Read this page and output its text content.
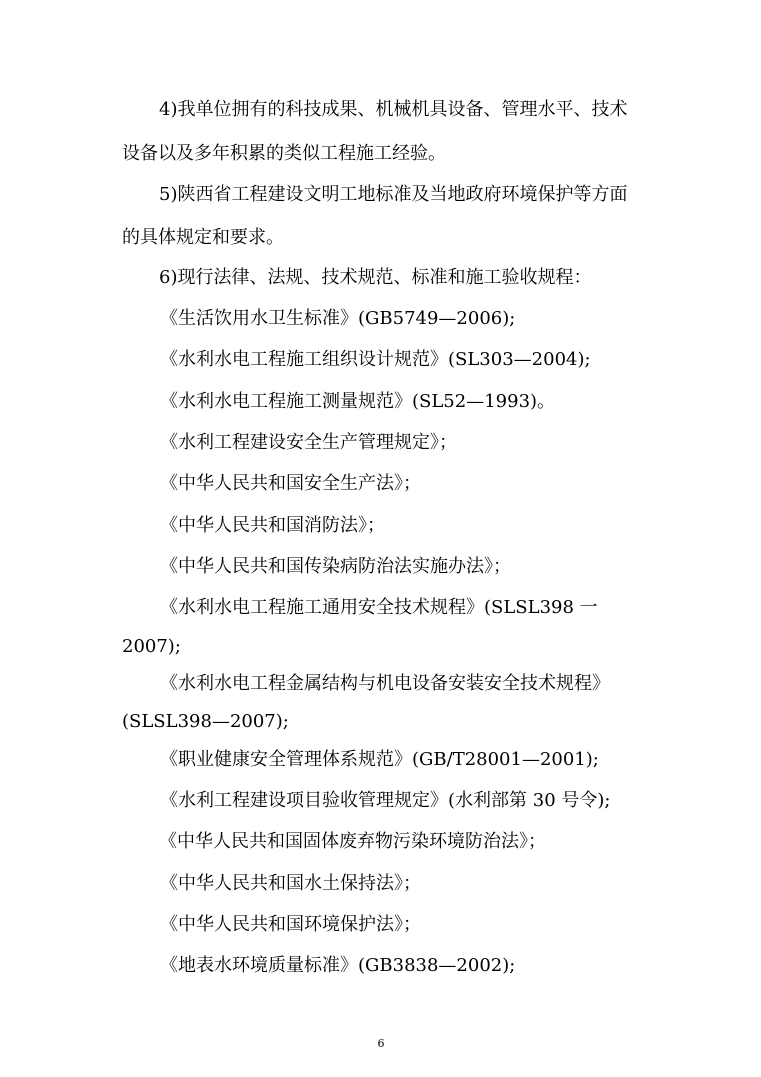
4)我单位拥有的科技成果、机械机具设备、管理水平、技术
设备以及多年积累的类似工程施工经验。
5)陕西省工程建设文明工地标准及当地政府环境保护等方面
的具体规定和要求。
6)现行法律、法规、技术规范、标准和施工验收规程：
《生活饮用水卫生标准》(GB5749—2006);
《水利水电工程施工组织设计规范》(SL303—2004);
《水利水电工程施工测量规范》(SL52—1993)。
《水利工程建设安全生产管理规定》；
《中华人民共和国安全生产法》；
《中华人民共和国消防法》；
《中华人民共和国传染病防治法实施办法》；
《水利水电工程施工通用安全技术规程》(SLSL398 一
2007);
《水利水电工程金属结构与机电设备安装安全技术规程》
(SLSL398—2007);
《职业健康安全管理体系规范》(GB/T28001—2001);
《水利工程建设项目验收管理规定》(水利部第 30 号令);
《中华人民共和国固体废弃物污染环境防治法》；
《中华人民共和国水土保持法》；
《中华人民共和国环境保护法》；
《地表水环境质量标准》(GB3838—2002);
6
